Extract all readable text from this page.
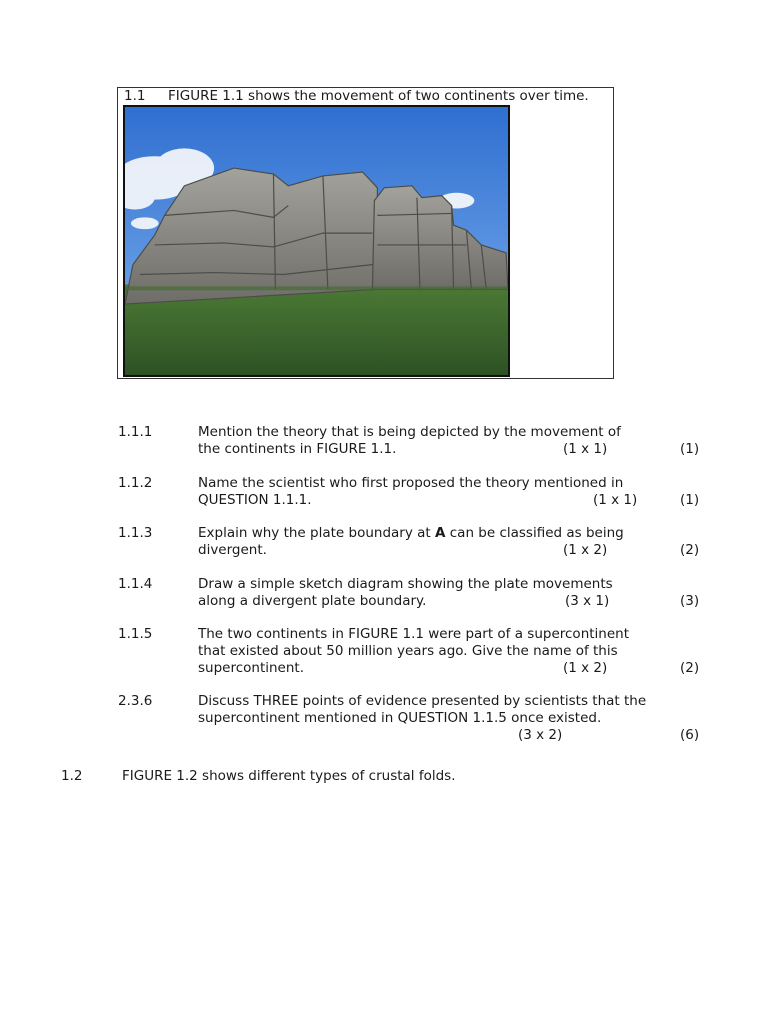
1.1 FIGURE 1.1 shows the movement of two continents over time.
1.1.1	Mention the theory that is being depicted by the movement of
the continents in FIGURE 1.1.	(1 x 1)	(1)
1.1.2	Name the scientist who first proposed the theory mentioned in
QUESTION 1.1.1.	(1 x 1)	(1)
1.1.3	Explain why the plate boundary at A can be classified as being
divergent.	(1 x 2)	(2)
1.1.4	Draw a simple sketch diagram showing the plate movements
along a divergent plate boundary.	(3 x 1)	(3)
1.1.5	The two continents in FIGURE 1.1 were part of a supercontinent
that existed about 50 million years ago. Give the name of this
supercontinent.	(1 x 2)	(2)
2.3.6	Discuss THREE points of evidence presented by scientists that the
supercontinent mentioned in QUESTION 1.1.5 once existed.
(3 x 2)	(6)
1.2	FIGURE 1.2 shows different types of crustal folds.
